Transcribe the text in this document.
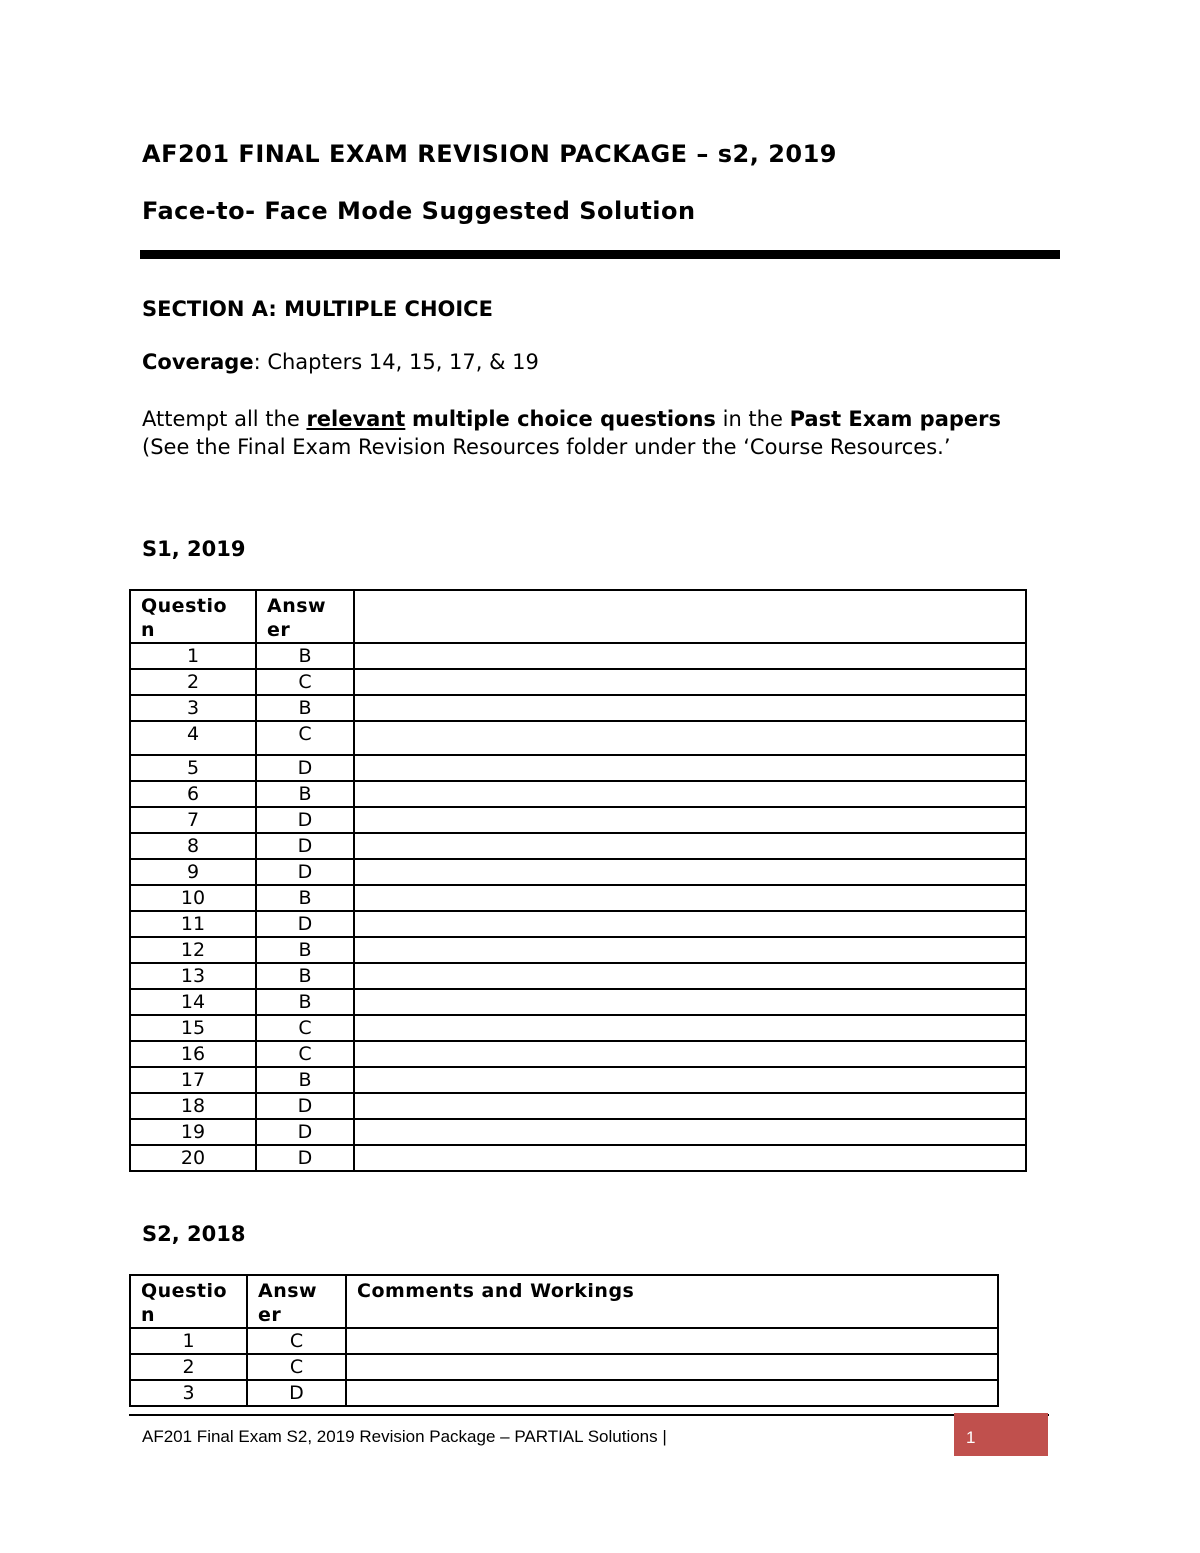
AF201 FINAL EXAM REVISION PACKAGE – s2, 2019
Face-to- Face Mode Suggested Solution
SECTION A: MULTIPLE CHOICE
Coverage: Chapters 14, 15, 17, & 19
Attempt all the relevant multiple choice questions in the Past Exam papers (See the Final Exam Revision Resources folder under the ‘Course Resources.’
S1, 2019
Question	Answer	

1	B	
2	C	
3	B	
4	C	
5	D	
6	B	
7	D	
8	D	
9	D	
10	B	
11	D	
12	B	
13	B	
14	B	
15	C	
16	C	
17	B	
18	D	
19	D	
20	D	
S2, 2018
Question	Answer	Comments and Workings
1	C	
2	C	
3	D	
AF201 Final Exam S2, 2019 Revision Package – PARTIAL Solutions |	1
